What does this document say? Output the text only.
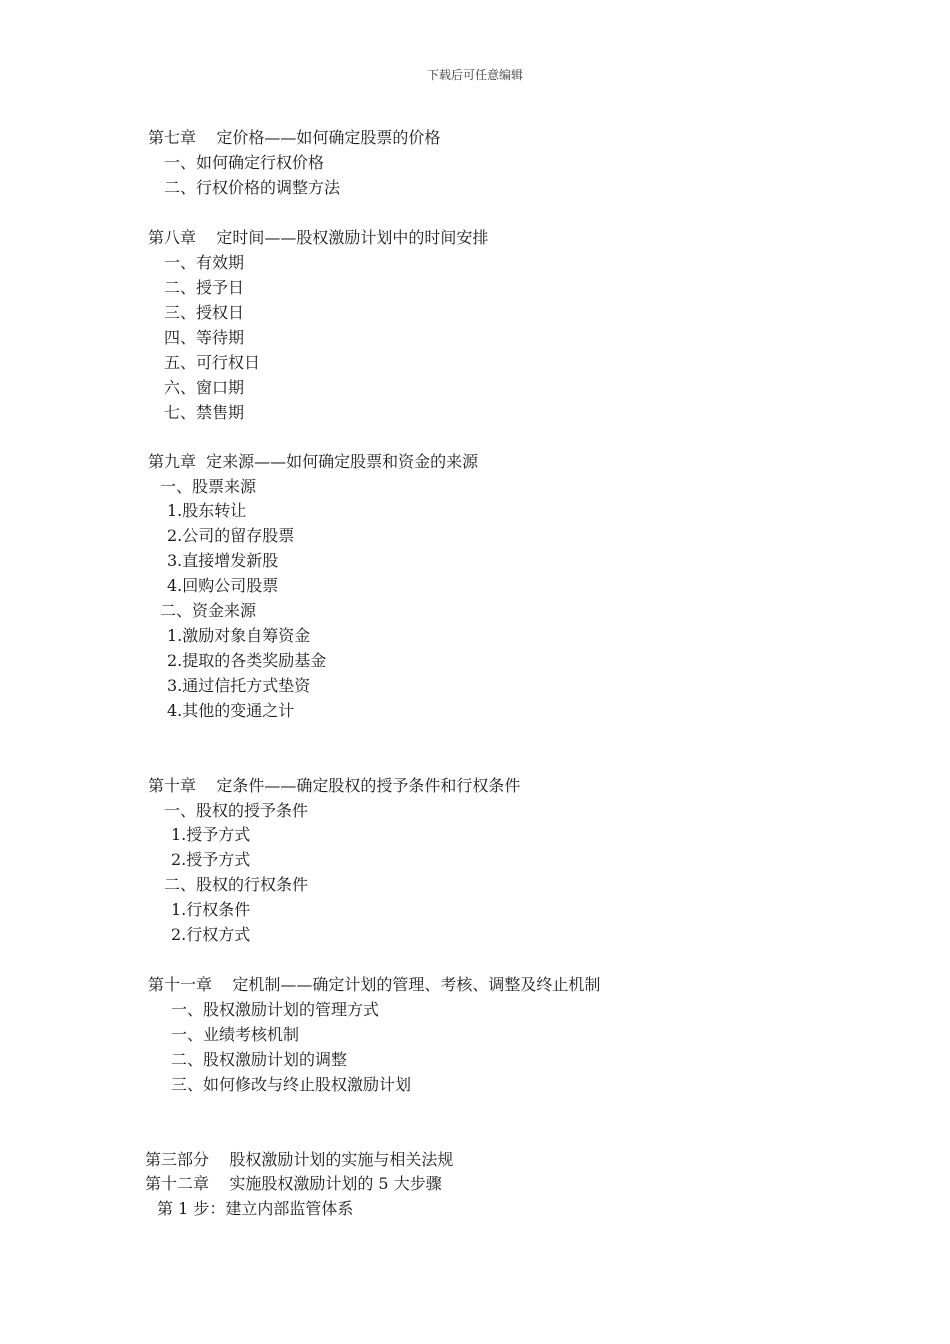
下载后可任意编辑
第七章    定价格——如何确定股票的价格
一、如何确定行权价格
二、行权价格的调整方法
第八章    定时间——股权激励计划中的时间安排
一、有效期
二、授予日
三、授权日
四、等待期
五、可行权日
六、窗口期
七、禁售期
第九章  定来源——如何确定股票和资金的来源
一、股票来源
1.股东转让
2.公司的留存股票
3.直接增发新股
4.回购公司股票
二、资金来源
1.激励对象自筹资金
2.提取的各类奖励基金
3.通过信托方式垫资
4.其他的变通之计
第十章    定条件——确定股权的授予条件和行权条件
一、股权的授予条件
1.授予方式
2.授予方式
二、股权的行权条件
1.行权条件
2.行权方式
第十一章    定机制——确定计划的管理、考核、调整及终止机制
一、股权激励计划的管理方式
一、业绩考核机制
二、股权激励计划的调整
三、如何修改与终止股权激励计划
第三部分    股权激励计划的实施与相关法规
第十二章    实施股权激励计划的 5 大步骤
第 1 步：建立内部监管体系
